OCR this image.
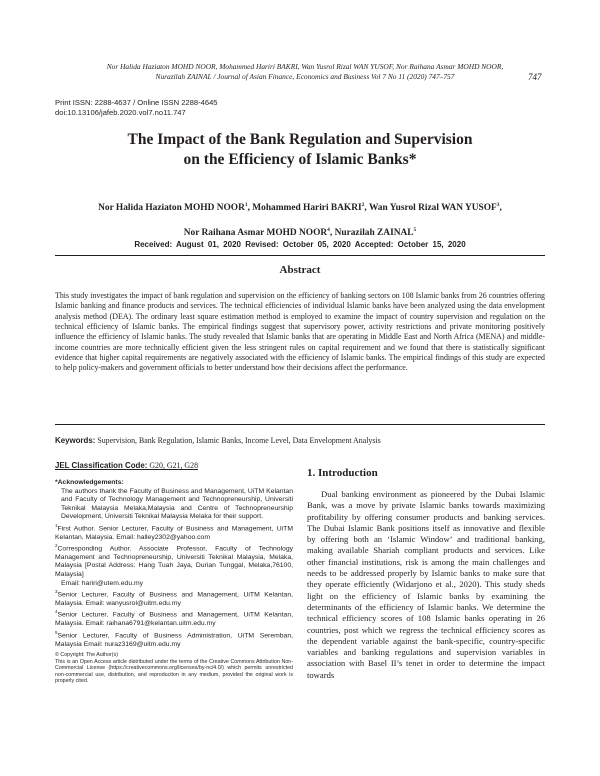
Nor Halida Haziaton MOHD NOOR, Mohammed Hariri BAKRI, Wan Yusrol Rizal WAN YUSOF, Nor Raihana Asmar MOHD NOOR,
Nurazilah ZAINAL / Journal of Asian Finance, Economics and Business Vol 7 No 11 (2020) 747–757	747
Print ISSN: 2288-4637 / Online ISSN 2288-4645
doi:10.13106/jafeb.2020.vol7.no11.747
The Impact of the Bank Regulation and Supervision
on the Efficiency of Islamic Banks*
Nor Halida Haziaton MOHD NOOR$^1$, Mohammed Hariri BAKRI$^2$, Wan Yusrol Rizal WAN YUSOF$^3$,
Nor Raihana Asmar MOHD NOOR$^4$, Nurazilah ZAINAL$^5$
Received: August 01, 2020 Revised: October 05, 2020 Accepted: October 15, 2020
Abstract
This study investigates the impact of bank regulation and supervision on the efficiency of banking sectors on 108 Islamic banks from 26 countries offering Islamic banking and finance products and services. The technical efficiencies of individual Islamic banks have been analyzed using the data envelopment analysis method (DEA). The ordinary least square estimation method is employed to examine the impact of country supervision and regulation on the technical efficiency of Islamic banks. The empirical findings suggest that supervisory power, activity restrictions and private monitoring positively influence the efficiency of Islamic banks. The study revealed that Islamic banks that are operating in Middle East and North Africa (MENA) and middle-income countries are more technically efficient given the less stringent rules on capital requirement and we found that there is statistically significant evidence that higher capital requirements are negatively associated with the efficiency of Islamic banks. The empirical findings of this study are expected to help policy-makers and government officials to better understand how their decisions affect the performance.
Keywords: Supervision, Bank Regulation, Islamic Banks, Income Level, Data Envelopment Analysis
JEL Classification Code: G20, G21, G28

*Acknowledgements:

The authors thank the Faculty of Business and Management, UiTM Kelantan and Faculty of Technology Management and Technopreneurship, Universiti Teknikal Malaysia Melaka,Malaysia and Centre of Technopreneurship Development, Universiti Teknikal Malaysia Melaka for their support.

$^1$First Author. Senior Lecturer, Faculty of Business and Management, UiTM Kelantan, Malaysia. Email: halley2302@yahoo.com

$^2$Corresponding Author. Associate Professor, Faculty of Technology Management and Technopreneurship, Universiti Teknikal Malaysia, Melaka, Malaysia [Postal Address: Hang Tuah Jaya, Durian Tunggal, Melaka,76100, Malaysia]

Email: hariri@utem.edu.my

$^3$Senior Lecturer, Faculty of Business and Management, UiTM Kelantan, Malaysia. Email: wanyusrol@uitm.edu.my

$^4$Senior Lecturer, Faculty of Business and Management, UiTM Kelantan, Malaysia. Email: raihana6791@kelantan.uitm.edu.my

$^5$Senior Lecturer, Faculty of Business Administration, UiTM Seremban, Malaysia Email: nuraz3169@uitm.edu.my

© Copyright: The Author(s)

This is an Open Access article distributed under the terms of the Creative Commons Attribution Non-Commercial License (https://creativecommons.org/licenses/by-nc/4.0/) which permits unrestricted non-commercial use, distribution, and reproduction in any medium, provided the original work is properly cited.

1. Introduction
Dual banking environment as pioneered by the Dubai Islamic Bank, was a move by private Islamic banks towards maximizing profitability by offering consumer products and banking services. The Dubai Islamic Bank positions itself as innovative and flexible by offering both an ‘Islamic Window’ and traditional banking, making available Shariah compliant products and services. Like other financial institutions, risk is among the main challenges and needs to be addressed properly by Islamic banks to make sure that they operate efficiently (Widarjono et al., 2020). This study sheds light on the efficiency of Islamic banks by examining the determinants of the efficiency of Islamic banks. We determine the technical efficiency scores of 108 Islamic banks operating in 26 countries, post which we regress the technical efficiency scores as the dependent variable against the bank-specific, country-specific variables and banking regulations and supervision variables in association with Basel II’s tenet in order to determine the impact towards
